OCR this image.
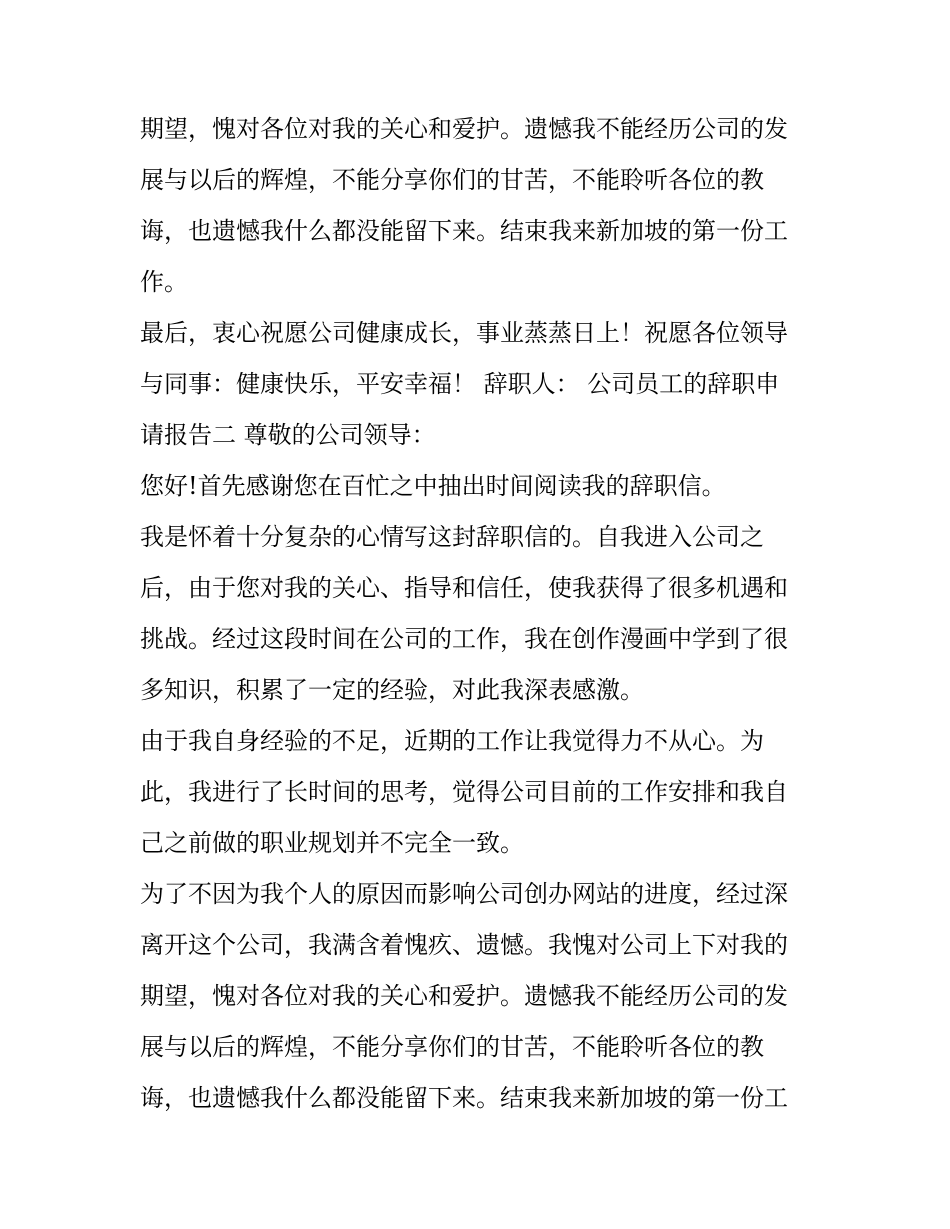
期望，愧对各位对我的关心和爱护。遗憾我不能经历公司的发
展与以后的辉煌，不能分享你们的甘苦，不能聆听各位的教
诲，也遗憾我什么都没能留下来。结束我来新加坡的第一份工
作。
最后，衷心祝愿公司健康成长，事业蒸蒸日上！祝愿各位领导
与同事：健康快乐，平安幸福！ 辞职人： 公司员工的辞职申
请报告二 尊敬的公司领导：
您好!首先感谢您在百忙之中抽出时间阅读我的辞职信。
我是怀着十分复杂的心情写这封辞职信的。自我进入公司之
后，由于您对我的关心、指导和信任，使我获得了很多机遇和
挑战。经过这段时间在公司的工作，我在创作漫画中学到了很
多知识，积累了一定的经验，对此我深表感激。
由于我自身经验的不足，近期的工作让我觉得力不从心。为
此，我进行了长时间的思考，觉得公司目前的工作安排和我自
己之前做的职业规划并不完全一致。
为了不因为我个人的原因而影响公司创办网站的进度，经过深
离开这个公司，我满含着愧疚、遗憾。我愧对公司上下对我的
期望，愧对各位对我的关心和爱护。遗憾我不能经历公司的发
展与以后的辉煌，不能分享你们的甘苦，不能聆听各位的教
诲，也遗憾我什么都没能留下来。结束我来新加坡的第一份工
